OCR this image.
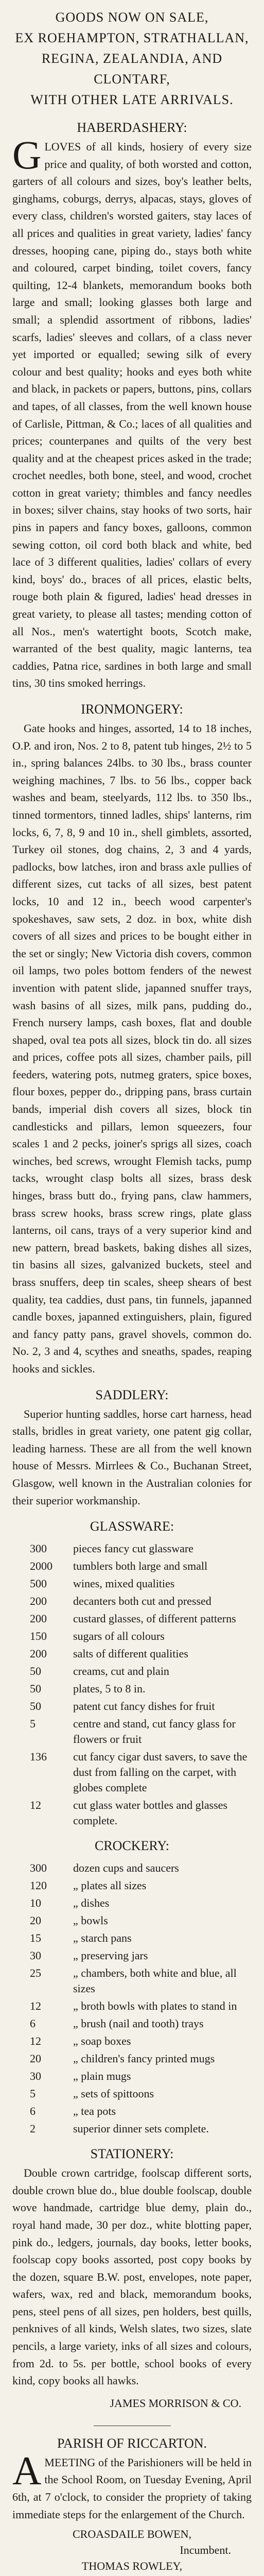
GOODS NOW ON SALE,
EX ROEHAMPTON, STRATHALLAN,
REGINA, ZEALANDIA, AND CLONTARF,
WITH OTHER LATE ARRIVALS.
HABERDASHERY:

GLOVES of all kinds, hosiery of every size price and quality, of both worsted and cotton, garters of all colours and sizes, boy's leather belts, ginghams, coburgs, derrys, alpacas, stays, gloves of every class, children's worsted gaiters, stay laces of all prices and qualities in great variety, ladies' fancy dresses, hooping cane, piping do., stays both white and coloured, carpet binding, toilet covers, fancy quilting, 12-4 blankets, memorandum books both large and small; looking glasses both large and small; a splendid assortment of ribbons, ladies' scarfs, ladies' sleeves and collars, of a class never yet imported or equalled; sewing silk of every colour and best quality; hooks and eyes both white and black, in packets or papers, buttons, pins, collars and tapes, of all classes, from the well known house of Carlisle, Pittman, & Co.; laces of all qualities and prices; counterpanes and quilts of the very best quality and at the cheapest prices asked in the trade; crochet needles, both bone, steel, and wood, crochet cotton in great variety; thimbles and fancy needles in boxes; silver chains, stay hooks of two sorts, hair pins in papers and fancy boxes, galloons, common sewing cotton, oil cord both black and white, bed lace of 3 different qualities, ladies' collars of every kind, boys' do., braces of all prices, elastic belts, rouge both plain & figured, ladies' head dresses in great variety, to please all tastes; mending cotton of all Nos., men's watertight boots, Scotch make, warranted of the best quality, magic lanterns, tea caddies, Patna rice, sardines in both large and small tins, 30 tins smoked herrings.

IRONMONGERY:

Gate hooks and hinges, assorted, 14 to 18 inches, O.P. and iron, Nos. 2 to 8, patent tub hinges, 2½ to 5 in., spring balances 24lbs. to 30 lbs., brass counter weighing machines, 7 lbs. to 56 lbs., copper back washes and beam, steelyards, 112 lbs. to 350 lbs., tinned tormentors, tinned ladles, ships' lanterns, rim locks, 6, 7, 8, 9 and 10 in., shell gimblets, assorted, Turkey oil stones, dog chains, 2, 3 and 4 yards, padlocks, bow latches, iron and brass axle pullies of different sizes, cut tacks of all sizes, best patent locks, 10 and 12 in., beech wood carpenter's spokeshaves, saw sets, 2 doz. in box, white dish covers of all sizes and prices to be bought either in the set or singly; New Victoria dish covers, common oil lamps, two poles bottom fenders of the newest invention with patent slide, japanned snuffer trays, wash basins of all sizes, milk pans, pudding do., French nursery lamps, cash boxes, flat and double shaped, oval tea pots all sizes, block tin do. all sizes and prices, coffee pots all sizes, chamber pails, pill feeders, watering pots, nutmeg graters, spice boxes, flour boxes, pepper do., dripping pans, brass curtain bands, imperial dish covers all sizes, block tin candlesticks and pillars, lemon squeezers, four scales 1 and 2 pecks, joiner's sprigs all sizes, coach winches, bed screws, wrought Flemish tacks, pump tacks, wrought clasp bolts all sizes, brass desk hinges, brass butt do., frying pans, claw hammers, brass screw hooks, brass screw rings, plate glass lanterns, oil cans, trays of a very superior kind and new pattern, bread baskets, baking dishes all sizes, tin basins all sizes, galvanized buckets, steel and brass snuffers, deep tin scales, sheep shears of best quality, tea caddies, dust pans, tin funnels, japanned candle boxes, japanned extinguishers, plain, figured and fancy patty pans, gravel shovels, common do. No. 2, 3 and 4, scythes and sneaths, spades, reaping hooks and sickles.

SADDLERY:

Superior hunting saddles, horse cart harness, head stalls, bridles in great variety, one patent gig collar, leading harness. These are all from the well known house of Messrs. Mirrlees & Co., Buchanan Street, Glasgow, well known in the Australian colonies for their superior workmanship.

GLASSWARE:
300	pieces fancy cut glassware
2000	tumblers both large and small
500	wines, mixed qualities
200	decanters both cut and pressed
200	custard glasses, of different patterns
150	sugars of all colours
200	salts of different qualities
50	creams, cut and plain
50	plates, 5 to 8 in.
50	patent cut fancy dishes for fruit
5	centre and stand, cut fancy glass for flowers or fruit
136	cut fancy cigar dust savers, to save the dust from falling on the carpet, with globes complete
12	cut glass water bottles and glasses complete.
CROCKERY:
300	dozen cups and saucers
120	„ plates all sizes
10	„ dishes
20	„ bowls
15	„ starch pans
30	„ preserving jars
25	„ chambers, both white and blue, all sizes
12	„ broth bowls with plates to stand in
6	„ brush (nail and tooth) trays
12	„ soap boxes
20	„ children's fancy printed mugs
30	„ plain mugs
5	„ sets of spittoons
6	„ tea pots
2	superior dinner sets complete.
STATIONERY:

Double crown cartridge, foolscap different sorts, double crown blue do., blue double foolscap, double wove handmade, cartridge blue demy, plain do., royal hand made, 30 per doz., white blotting paper, pink do., ledgers, journals, day books, letter books, foolscap copy books assorted, post copy books by the dozen, square B.W. post, envelopes, note paper, wafers, wax, red and black, memorandum books, pens, steel pens of all sizes, pen holders, best quills, penknives of all kinds, Welsh slates, two sizes, slate pencils, a large variety, inks of all sizes and colours, from 2d. to 5s. per bottle, school books of every kind, copy books all hawks.

JAMES MORRISON & CO.
PARISH OF RICCARTON.

AMEETING of the Parishioners will be held in the School Room, on Tuesday Evening, April 6th, at 7 o'clock, to consider the propriety of taking immediate steps for the enlargement of the Church.

CROASDAILE BOWEN,
Incumbent.
THOMAS ROWLEY,
